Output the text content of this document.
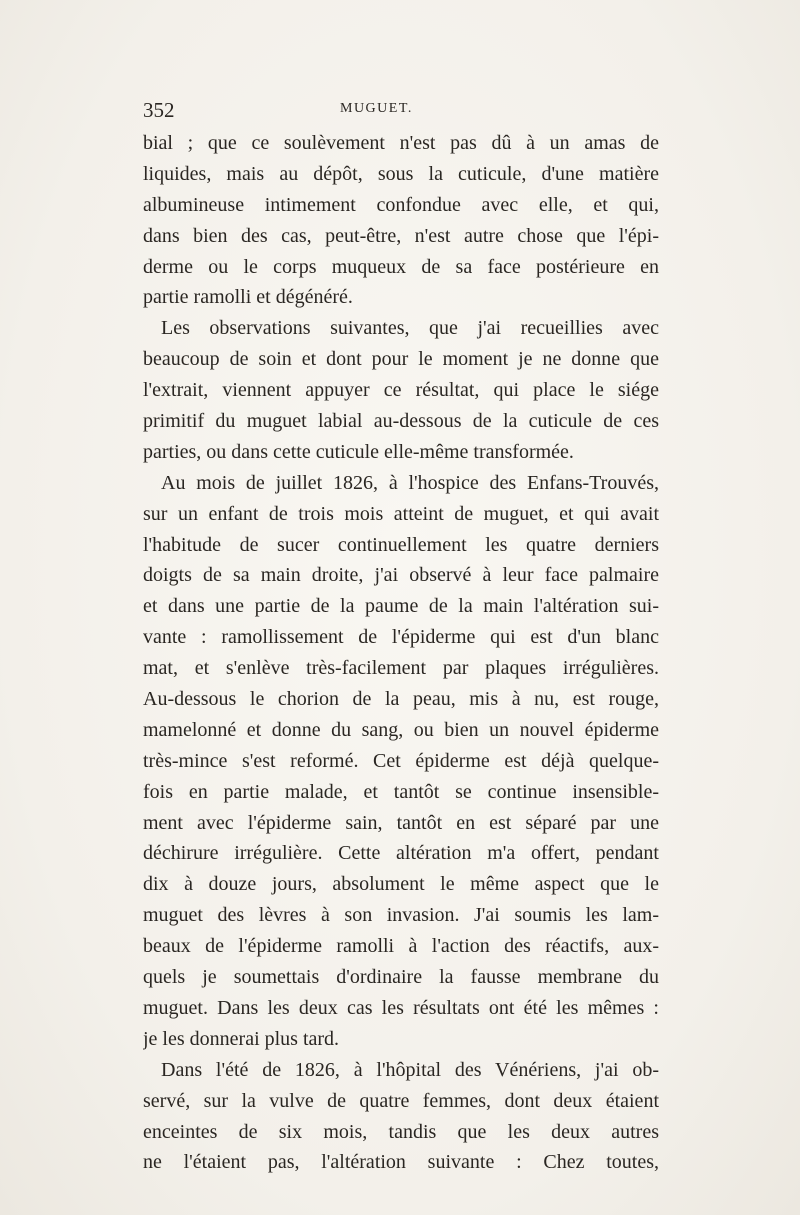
352	MUGUET.
bial ; que ce soulèvement n'est pas dû à un amas de
liquides, mais au dépôt, sous la cuticule, d'une matière
albumineuse intimement confondue avec elle, et qui,
dans bien des cas, peut-être, n'est autre chose que l'épi-
derme ou le corps muqueux de sa face postérieure en
partie ramolli et dégénéré.
Les observations suivantes, que j'ai recueillies avec
beaucoup de soin et dont pour le moment je ne donne que
l'extrait, viennent appuyer ce résultat, qui place le siége
primitif du muguet labial au-dessous de la cuticule de ces
parties, ou dans cette cuticule elle-même transformée.
Au mois de juillet 1826, à l'hospice des Enfans-Trouvés,
sur un enfant de trois mois atteint de muguet, et qui avait
l'habitude de sucer continuellement les quatre derniers
doigts de sa main droite, j'ai observé à leur face palmaire
et dans une partie de la paume de la main l'altération sui-
vante : ramollissement de l'épiderme qui est d'un blanc
mat, et s'enlève très-facilement par plaques irrégulières.
Au-dessous le chorion de la peau, mis à nu, est rouge,
mamelonné et donne du sang, ou bien un nouvel épiderme
très-mince s'est reformé. Cet épiderme est déjà quelque-
fois en partie malade, et tantôt se continue insensible-
ment avec l'épiderme sain, tantôt en est séparé par une
déchirure irrégulière. Cette altération m'a offert, pendant
dix à douze jours, absolument le même aspect que le
muguet des lèvres à son invasion. J'ai soumis les lam-
beaux de l'épiderme ramolli à l'action des réactifs, aux-
quels je soumettais d'ordinaire la fausse membrane du
muguet. Dans les deux cas les résultats ont été les mêmes :
je les donnerai plus tard.
Dans l'été de 1826, à l'hôpital des Vénériens, j'ai ob-
servé, sur la vulve de quatre femmes, dont deux étaient
enceintes de six mois, tandis que les deux autres
ne l'étaient pas, l'altération suivante : Chez toutes,
